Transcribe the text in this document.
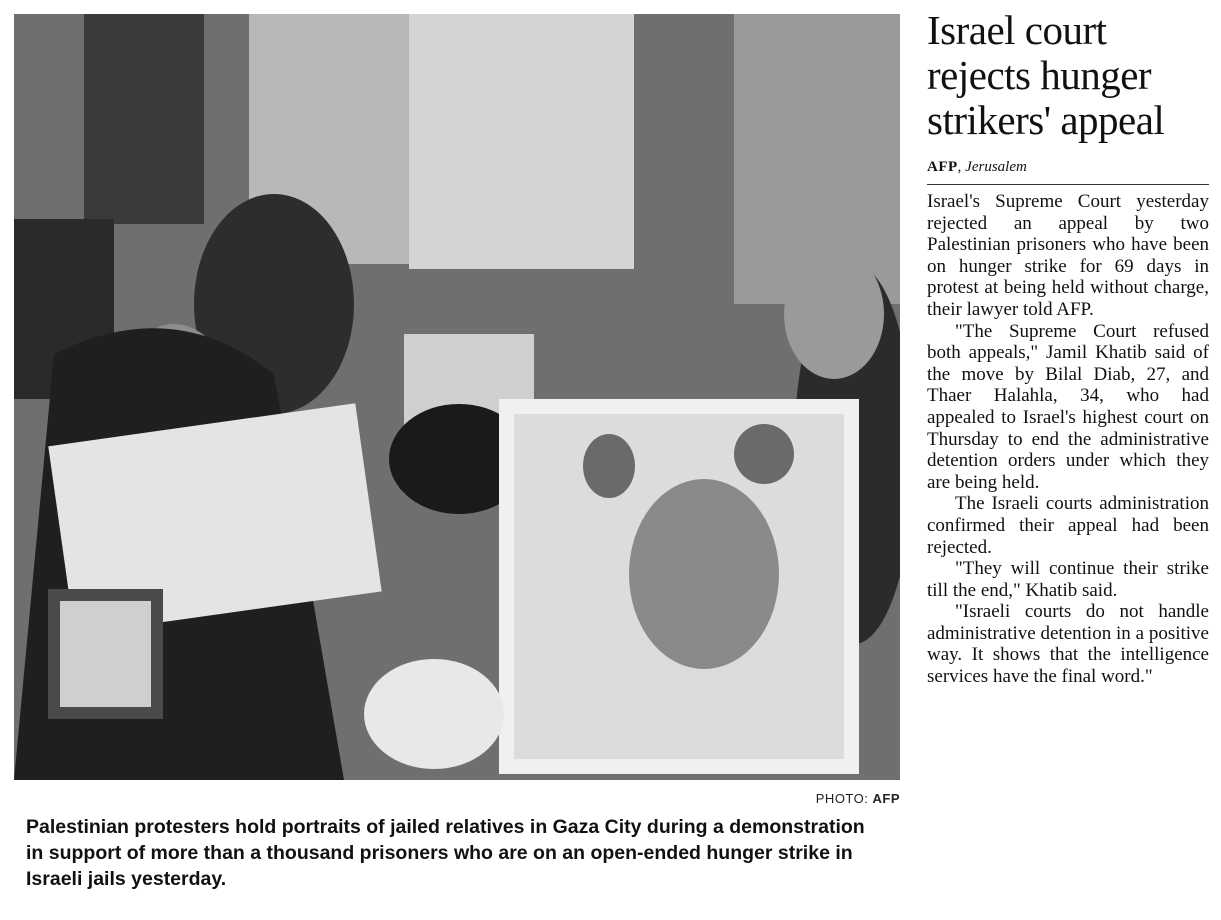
PHOTO: AFP
Palestinian protesters hold portraits of jailed relatives in Gaza City during a demonstration in support of more than a thousand prisoners who are on an open-ended hunger strike in Israeli jails yesterday.
Israel court rejects hunger strikers' appeal
AFP, Jerusalem

Israel's Supreme Court yesterday rejected an appeal by two Palestinian prisoners who have been on hunger strike for 69 days in protest at being held without charge, their lawyer told AFP.

"The Supreme Court refused both appeals," Jamil Khatib said of the move by Bilal Diab, 27, and Thaer Halahla, 34, who had appealed to Israel's highest court on Thursday to end the administrative detention orders under which they are being held.

The Israeli courts administration confirmed their appeal had been rejected.

"They will continue their strike till the end," Khatib said.

"Israeli courts do not handle administrative detention in a positive way. It shows that the intelligence services have the final word."
